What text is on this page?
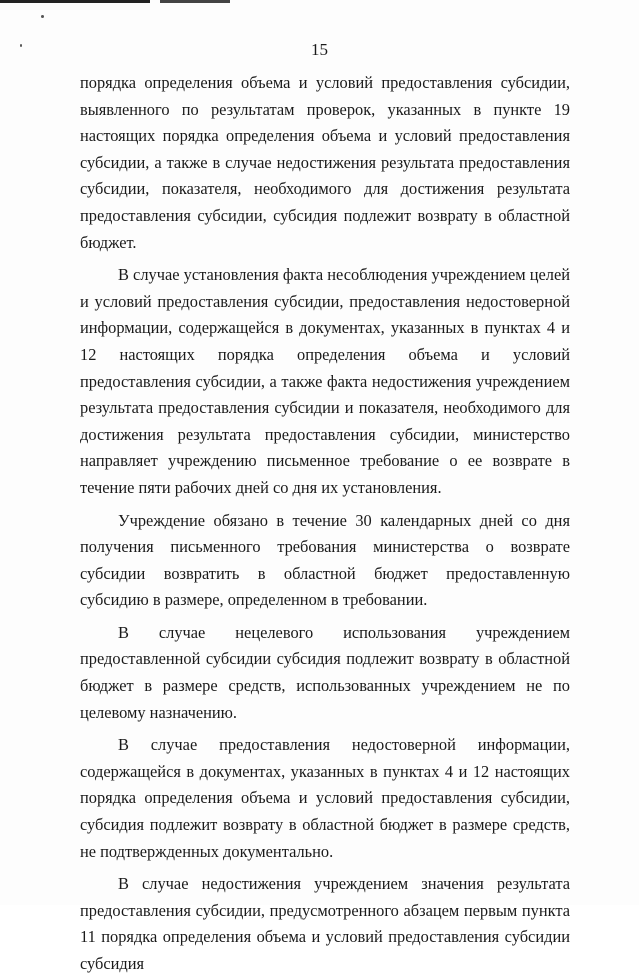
15

порядка определения объема и условий предоставления субсидии, выявленного по результатам проверок, указанных в пункте 19 настоящих порядка определения объема и условий предоставления субсидии, а также в случае недостижения результата предоставления субсидии, показателя, необходимого для достижения результата предоставления субсидии, субсидия подлежит возврату в областной бюджет.

В случае установления факта несоблюдения учреждением целей и условий предоставления субсидии, предоставления недостоверной информации, содержащейся в документах, указанных в пунктах 4 и 12 настоящих порядка определения объема и условий предоставления субсидии, а также факта недостижения учреждением результата предоставления субсидии и показателя, необходимого для достижения результата предоставления субсидии, министерство направляет учреждению письменное требование о ее возврате в течение пяти рабочих дней со дня их установления.

Учреждение обязано в течение 30 календарных дней со дня получения письменного требования министерства о возврате субсидии возвратить в областной бюджет предоставленную субсидию в размере, определенном в требовании.

В случае нецелевого использования учреждением предоставленной субсидии субсидия подлежит возврату в областной бюджет в размере средств, использованных учреждением не по целевому назначению.

В случае предоставления недостоверной информации, содержащейся в документах, указанных в пунктах 4 и 12 настоящих порядка определения объема и условий предоставления субсидии, субсидия подлежит возврату в областной бюджет в размере средств, не подтвержденных документально.

В случае недостижения учреждением значения результата предоставления субсидии, предусмотренного абзацем первым пункта 11 порядка определения объема и условий предоставления субсидии субсидия
